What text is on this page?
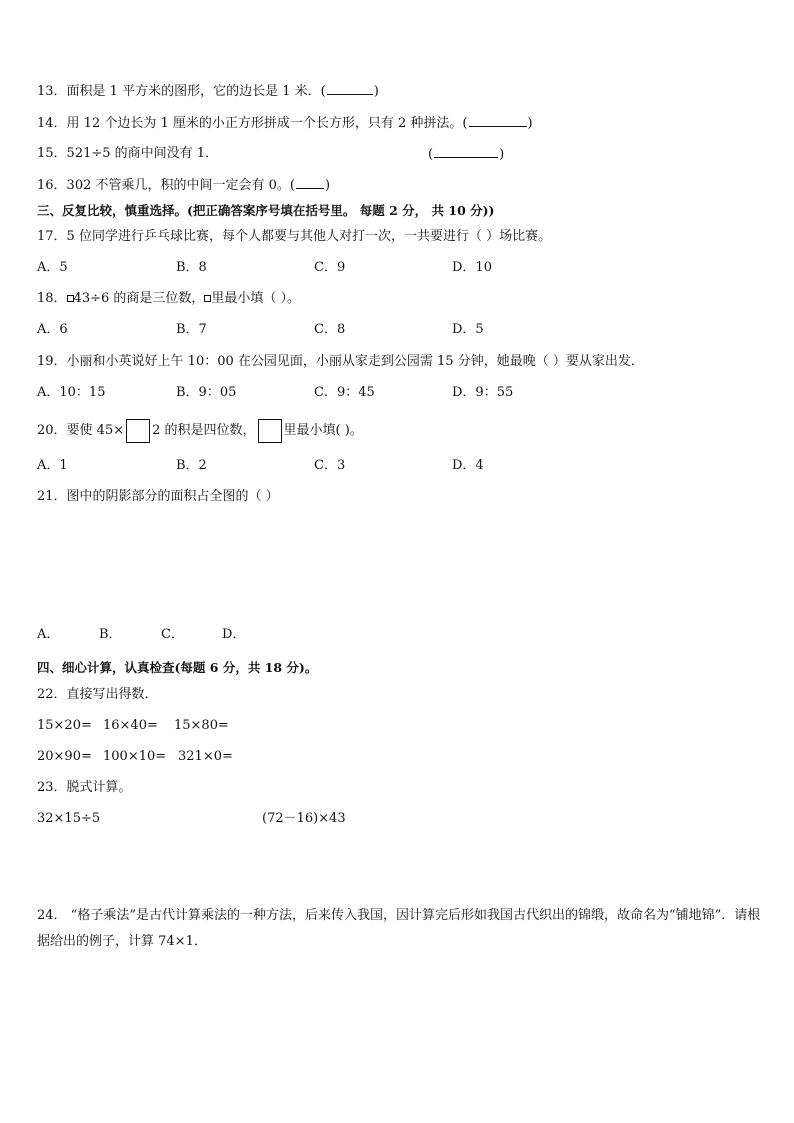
13．面积是 1 平方米的图形，它的边长是 1 米．(	)
14．用 12 个边长为 1 厘米的小正方形拼成一个长方形，只有 2 种拼法。(	)
15．521÷5 的商中间没有 1．	(	)
16．302 不管乘几，积的中间一定会有 0。( )
三、反复比较，慎重选择。(把正确答案序号填在括号里。 每题 2 分， 共 10 分))
17．5 位同学进行乒乓球比赛，每个人都要与其他人对打一次，一共要进行（ ）场比赛。
A．5	B．8	C．9	D．10
18． 43÷6 的商是三位数， 里最小填（ ）。
A．6	B．7	C．8	D．5
19．小丽和小英说好上午 10：00 在公园见面，小丽从家走到公园需 15 分钟，她最晚（ ）要从家出发．
A．10：15	B．9：05	C．9：45	D．9：55
20．要使 45× 2 的积是四位数， 里最小填( )。
A．1	B．2	C．3	D．4
21．图中的阴影部分的面积占全图的（ ）
A．	B．	C．	D．
四、细心计算，认真检查(每题 6 分，共 18 分)。
22．直接写出得数．
15×20= 16×40= 15×80=
20×90= 100×10= 321×0=
23．脱式计算。
32×15÷5	(72－16)×43
24． “格子乘法”是古代计算乘法的一种方法，后来传入我国，因计算完后形如我国古代织出的锦缎，故命名为“铺地锦”．请根据给出的例子，计算 74×1．
